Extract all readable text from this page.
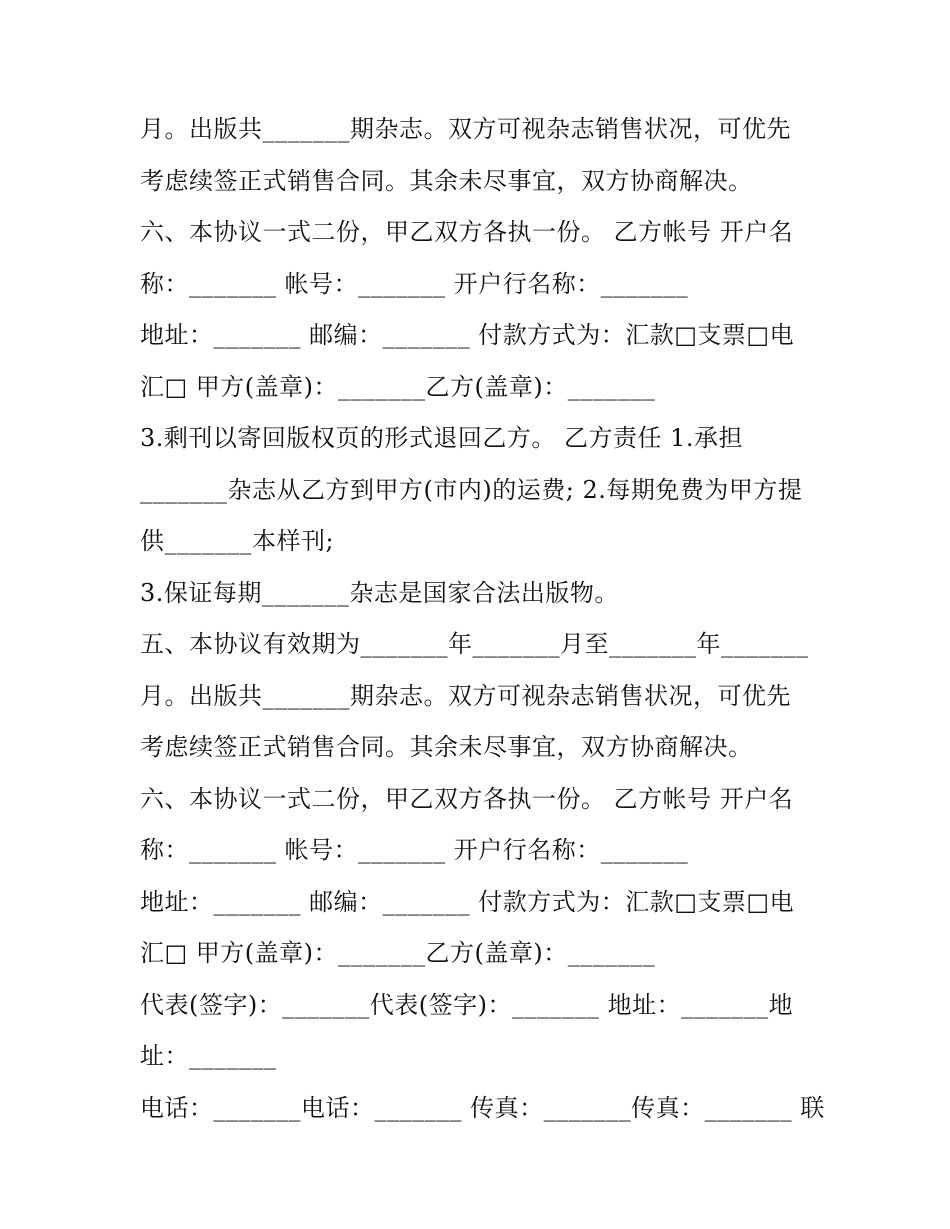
月。出版共_______期杂志。双方可视杂志销售状况，可优先
考虑续签正式销售合同。其余未尽事宜，双方协商解决。
六、本协议一式二份，甲乙双方各执一份。 乙方帐号 开户名
称：_______ 帐号：_______ 开户行名称：_______
地址：_______ 邮编：_______ 付款方式为：汇款□支票□电
汇□ 甲方(盖章)：_______乙方(盖章)：_______
3.剩刊以寄回版权页的形式退回乙方。 乙方责任 1.承担
_______杂志从乙方到甲方(市内)的运费; 2.每期免费为甲方提
供_______本样刊;
3.保证每期_______杂志是国家合法出版物。
五、本协议有效期为_______年_______月至_______年_______
月。出版共_______期杂志。双方可视杂志销售状况，可优先
考虑续签正式销售合同。其余未尽事宜，双方协商解决。
六、本协议一式二份，甲乙双方各执一份。 乙方帐号 开户名
称：_______ 帐号：_______ 开户行名称：_______
地址：_______ 邮编：_______ 付款方式为：汇款□支票□电
汇□ 甲方(盖章)：_______乙方(盖章)：_______
代表(签字)：_______代表(签字)：_______ 地址：_______地
址：_______
电话：_______电话：_______ 传真：_______传真：_______ 联
